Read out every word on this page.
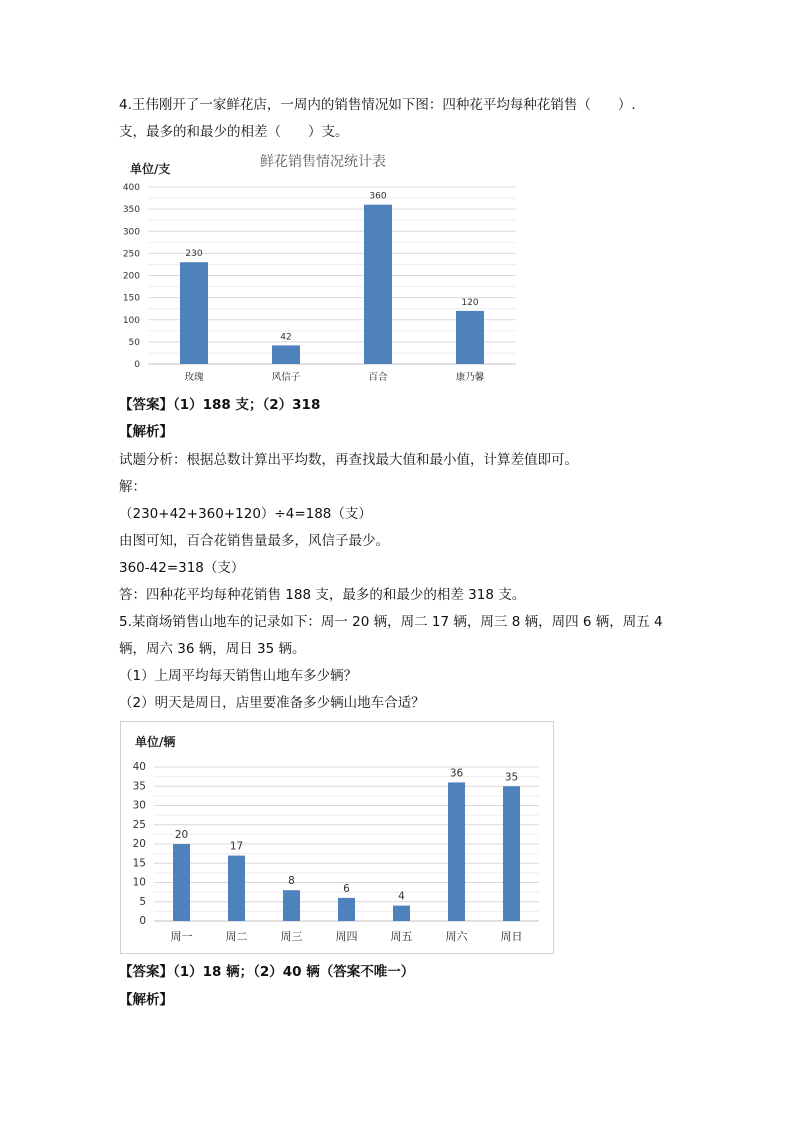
4.王伟刚开了一家鲜花店，一周内的销售情况如下图：四种花平均每种花销售（　　）.
支，最多的和最少的相差（　　）支。
鲜花销售情况统计表
单位/支
0
50
100
150
200
250
300
350
400
230
玫瑰
42
风信子
360
百合
120
康乃馨
【答案】（1）188 支；（2）318
【解析】
试题分析：根据总数计算出平均数，再查找最大值和最小值，计算差值即可。
解：
（230+42+360+120）÷4=188（支）
由图可知，百合花销售量最多，风信子最少。
360-42=318（支）
答：四种花平均每种花销售 188 支，最多的和最少的相差 318 支。
5.某商场销售山地车的记录如下：周一 20 辆，周二 17 辆，周三 8 辆，周四 6 辆，周五 4
辆，周六 36 辆，周日 35 辆。
（1）上周平均每天销售山地车多少辆？
（2）明天是周日，店里要准备多少辆山地车合适？
单位/辆
0
5
10
15
20
25
30
35
40
20
周一
17
周二
8
周三
6
周四
4
周五
36
周六
35
周日
【答案】（1）18 辆；（2）40 辆（答案不唯一）
【解析】
